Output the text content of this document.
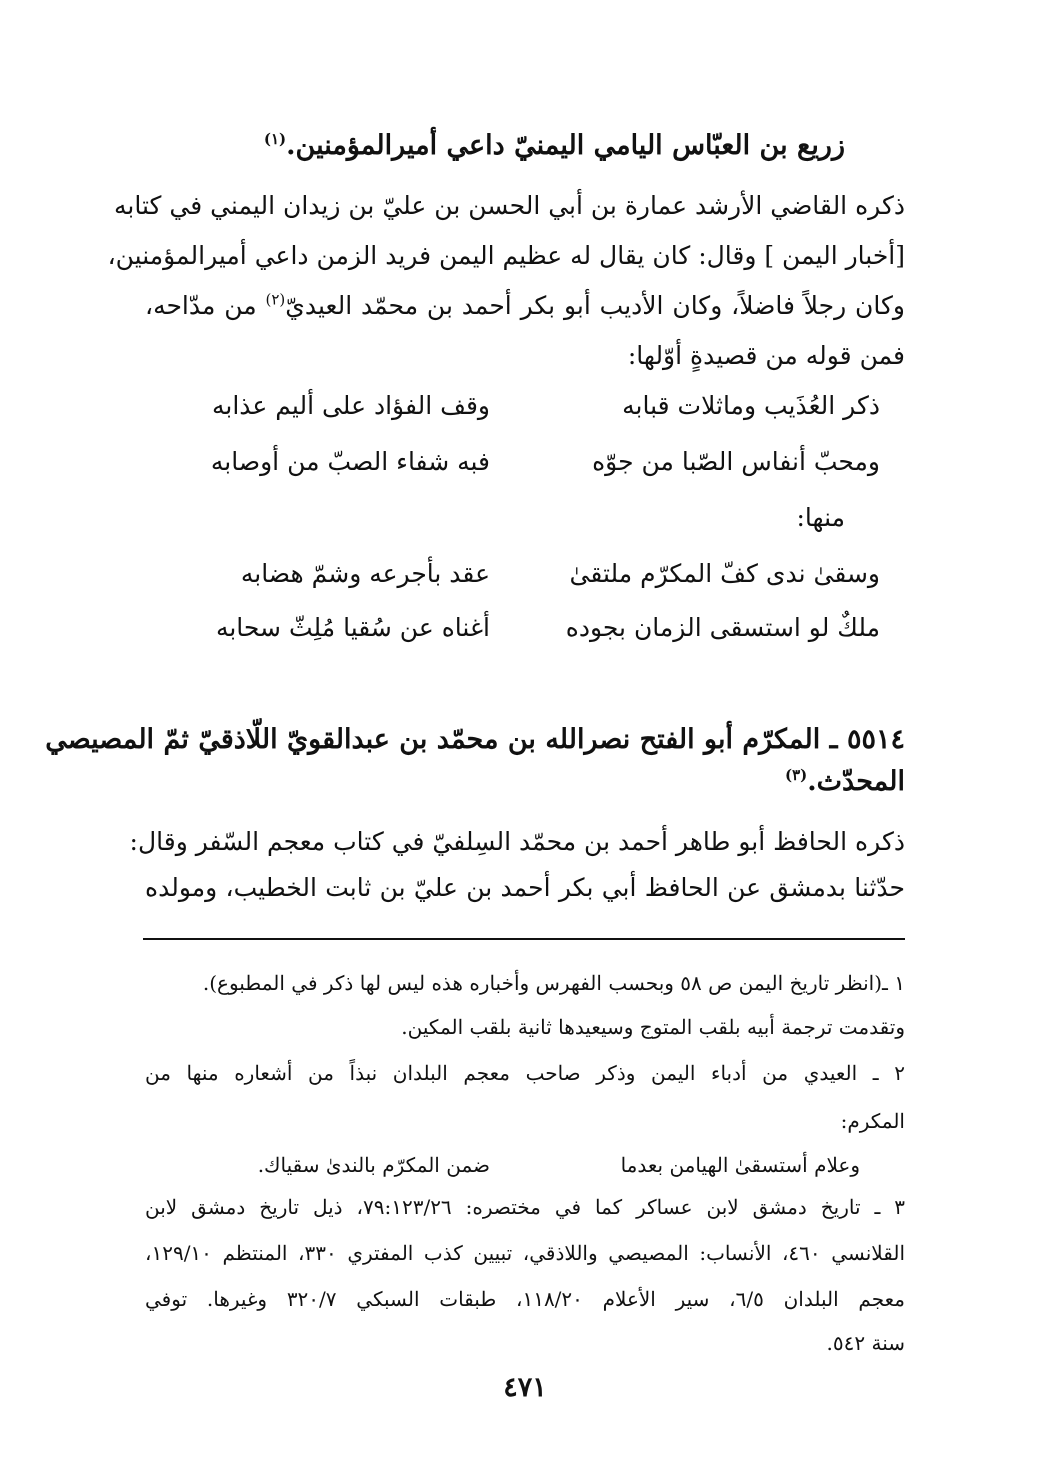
زريع بن العبّاس اليامي اليمنيّ داعي أميرالمؤمنين.$^{(١)}$
ذكره القاضي الأرشد عمارة بن أبي الحسن بن عليّ بن زيدان اليمني في كتابه
[أخبار اليمن ] وقال: كان يقال له عظيم اليمن فريد الزمن داعي أميرالمؤمنين،
وكان رجلاً فاضلاً، وكان الأديب أبو بكر أحمد بن محمّد العيديّ$^{(٢)}$ من مدّاحه،
فمن قوله من قصيدةٍ أوّلها:
ذكر العُذَيب وماثلات قبابه
وقف الفؤاد على أليم عذابه
ومحبّ أنفاس الصّبا من جوّه
فبه شفاء الصبّ من أوصابه
منها:
وسقىٰ ندى كفّ المكرّم ملتقىٰ
عقد بأجرعه وشمّ هضابه
ملكٌ لو استسقى الزمان بجوده
أغناه عن سُقيا مُلِثّ سحابه
٥٥١٤ ـ المكرّم أبو الفتح نصرالله بن محمّد بن عبدالقويّ اللّاذقيّ ثمّ المصيصي
المحدّث.$^{(٣)}$
ذكره الحافظ أبو طاهر أحمد بن محمّد السِلفيّ في كتاب معجم السّفر وقال:
حدّثنا بدمشق عن الحافظ أبي بكر أحمد بن عليّ بن ثابت الخطيب، ومولده
١ ـ(انظر تاريخ اليمن ص ٥٨ وبحسب الفهرس وأخباره هذه ليس لها ذكر في المطبوع).
وتقدمت ترجمة أبيه بلقب المتوج وسيعيدها ثانية بلقب المكين.
٢ ـ العيدي من أدباء اليمن وذكر صاحب معجم البلدان نبذاً من أشعاره منها من
المكرم:
وعلام أستسقىٰ الهيامن بعدما
ضمن المكرّم بالندىٰ سقياك.
٣ ـ تاريخ دمشق لابن عساكر كما في مختصره: ٧٩:١٢٣/٢٦، ذيل تاريخ دمشق لابن
القلانسي ٤٦٠، الأنساب: المصيصي واللاذقي، تبيين كذب المفتري ٣٣٠، المنتظم ١٢٩/١٠،
معجم البلدان ٦/٥، سير الأعلام ١١٨/٢٠، طبقات السبكي ٣٢٠/٧ وغيرها. توفي
سنة ٥٤٢.
٤٧١
